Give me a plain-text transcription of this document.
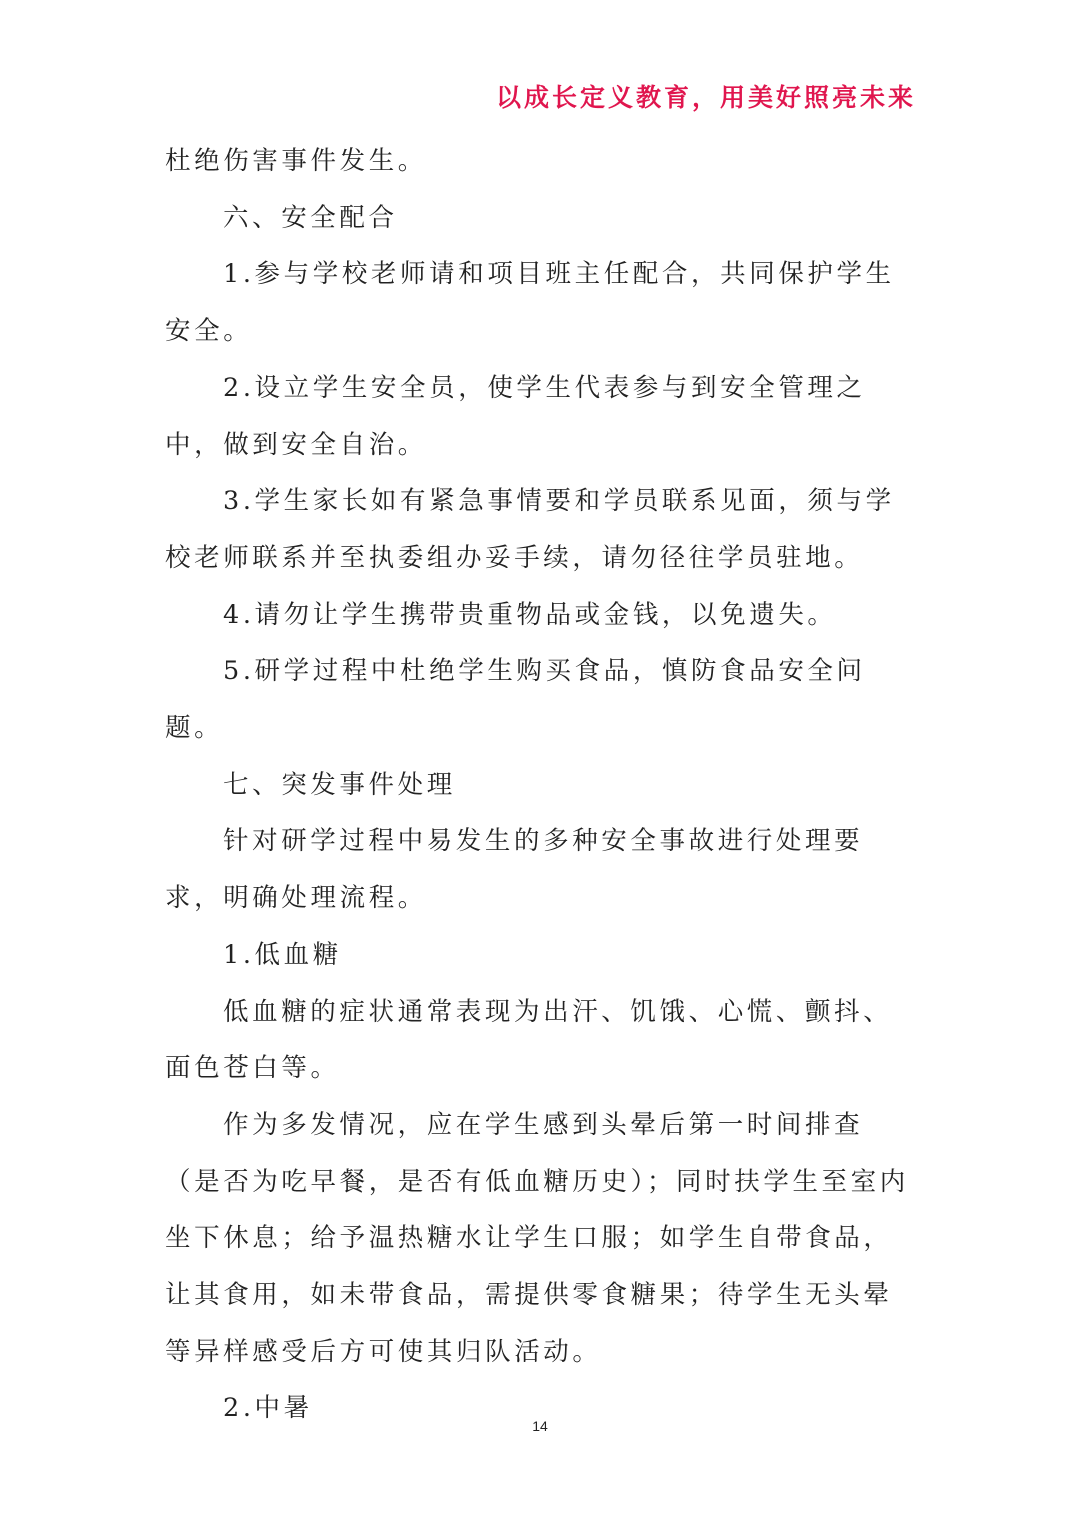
以成长定义教育，用美好照亮未来

杜绝伤害事件发生。

六、安全配合

1.参与学校老师请和项目班主任配合，共同保护学生安全。

2.设立学生安全员，使学生代表参与到安全管理之中，做到安全自治。

3.学生家长如有紧急事情要和学员联系见面，须与学校老师联系并至执委组办妥手续，请勿径往学员驻地。

4.请勿让学生携带贵重物品或金钱，以免遗失。

5.研学过程中杜绝学生购买食品，慎防食品安全问题。

七、突发事件处理

针对研学过程中易发生的多种安全事故进行处理要求，明确处理流程。

1.低血糖

低血糖的症状通常表现为出汗、饥饿、心慌、颤抖、面色苍白等。

作为多发情况，应在学生感到头晕后第一时间排查（是否为吃早餐，是否有低血糖历史）；同时扶学生至室内坐下休息；给予温热糖水让学生口服；如学生自带食品，让其食用，如未带食品，需提供零食糖果；待学生无头晕等异样感受后方可使其归队活动。

2.中暑

14
